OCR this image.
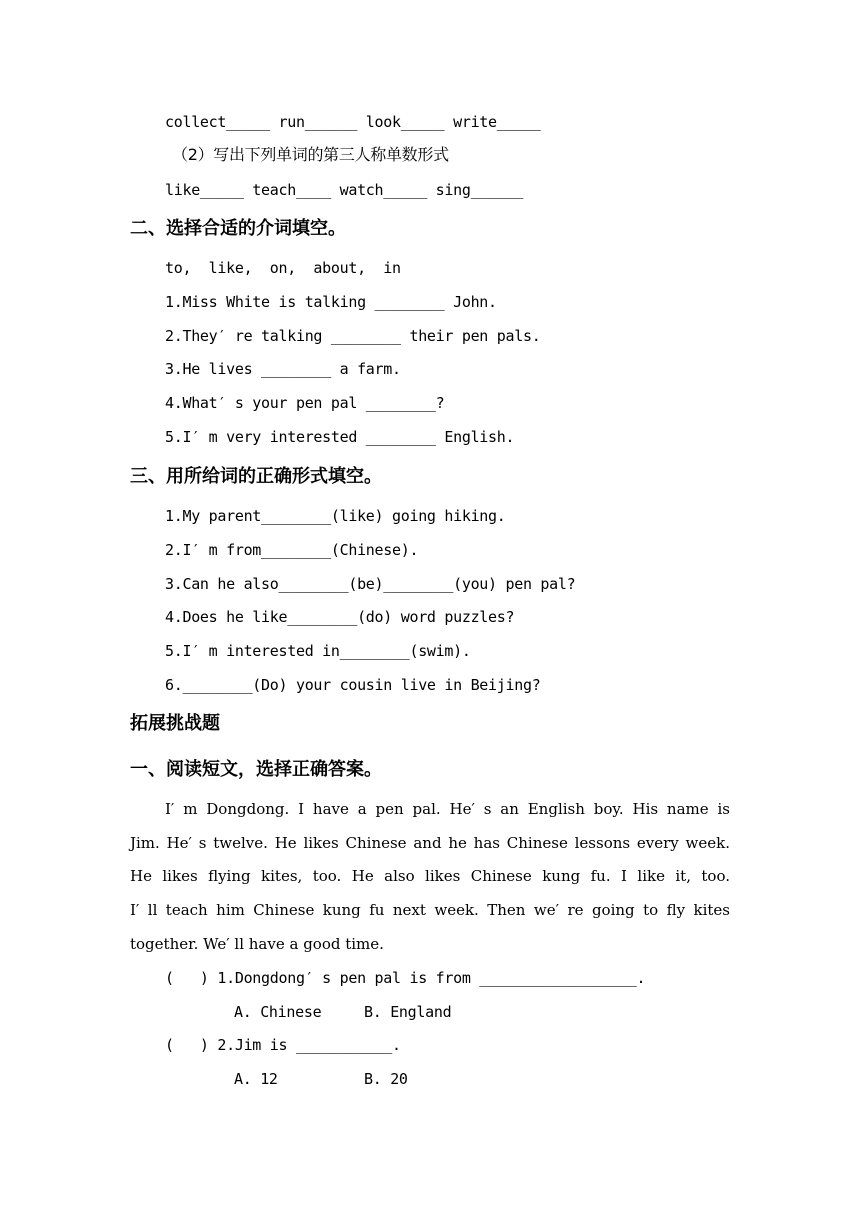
collect_____ run______ look_____ write_____
（2）写出下列单词的第三人称单数形式
like_____ teach____ watch_____ sing______
二、选择合适的介词填空。
to,  like,  on,  about,  in
1.Miss White is talking ________ John.
2.They′ re talking ________ their pen pals.
3.He lives ________ a farm.
4.What′ s your pen pal ________?
5.I′ m very interested ________ English.
三、用所给词的正确形式填空。
1.My parent________(like) going hiking.
2.I′ m from________(Chinese).
3.Can he also________(be)________(you) pen pal?
4.Does he like________(do) word puzzles?
5.I′ m interested in________(swim).
6.________(Do) your cousin live in Beijing?
拓展挑战题
一、阅读短文，选择正确答案。
I′ m Dongdong. I have a pen pal. He′ s an English boy. His name is
Jim. He′ s twelve. He likes Chinese and he has Chinese lessons every week.
He likes flying kites, too. He also likes Chinese kung fu. I like it, too.
I′ ll teach him Chinese kung fu next week. Then we′ re going to fly kites
together. We′ ll have a good time.
(   ) 1.Dongdong′ s pen pal is from __________________.
A. Chinese	B. England
(   ) 2.Jim is ___________.
A. 12	B. 20
